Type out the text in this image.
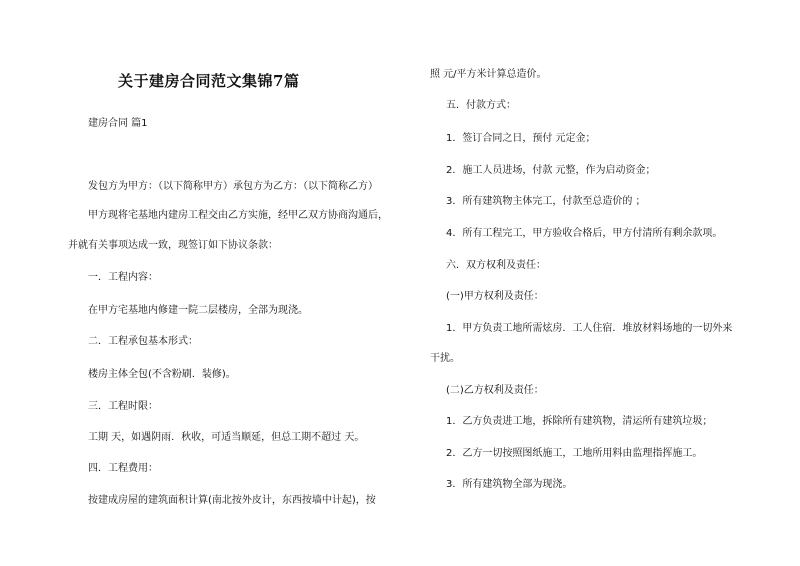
关于建房合同范文集锦7篇
建房合同 篇1
发包方为甲方：（以下简称甲方）承包方为乙方：（以下简称乙方）
甲方现将宅基地内建房工程交由乙方实施，经甲乙双方协商沟通后，
并就有关事项达成一致，现签订如下协议条款：
一．工程内容：
在甲方宅基地内修建一院二层楼房，全部为现浇。
二．工程承包基本形式：
楼房主体全包(不含粉刷．装修)。
三．工程时限：
工期 天，如遇阴雨．秋收，可适当顺延，但总工期不超过 天。
四．工程费用：
按建成房屋的建筑面积计算(南北按外皮计，东西按墙中计起)，按
照 元/平方米计算总造价。
五．付款方式：
1．签订合同之日，预付 元定金；
2．施工人员进场，付款 元整，作为启动资金；
3．所有建筑物主体完工，付款至总造价的 ；
4．所有工程完工，甲方验收合格后，甲方付清所有剩余款项。
六．双方权利及责任：
(一)甲方权利及责任：
1．甲方负责工地所需炫房．工人住宿．堆放材料场地的一切外来
干扰。
(二)乙方权利及责任：
1．乙方负责进工地，拆除所有建筑物，清运所有建筑垃圾；
2．乙方一切按照图纸施工，工地所用料由监理指挥施工。
3．所有建筑物全部为现浇。
